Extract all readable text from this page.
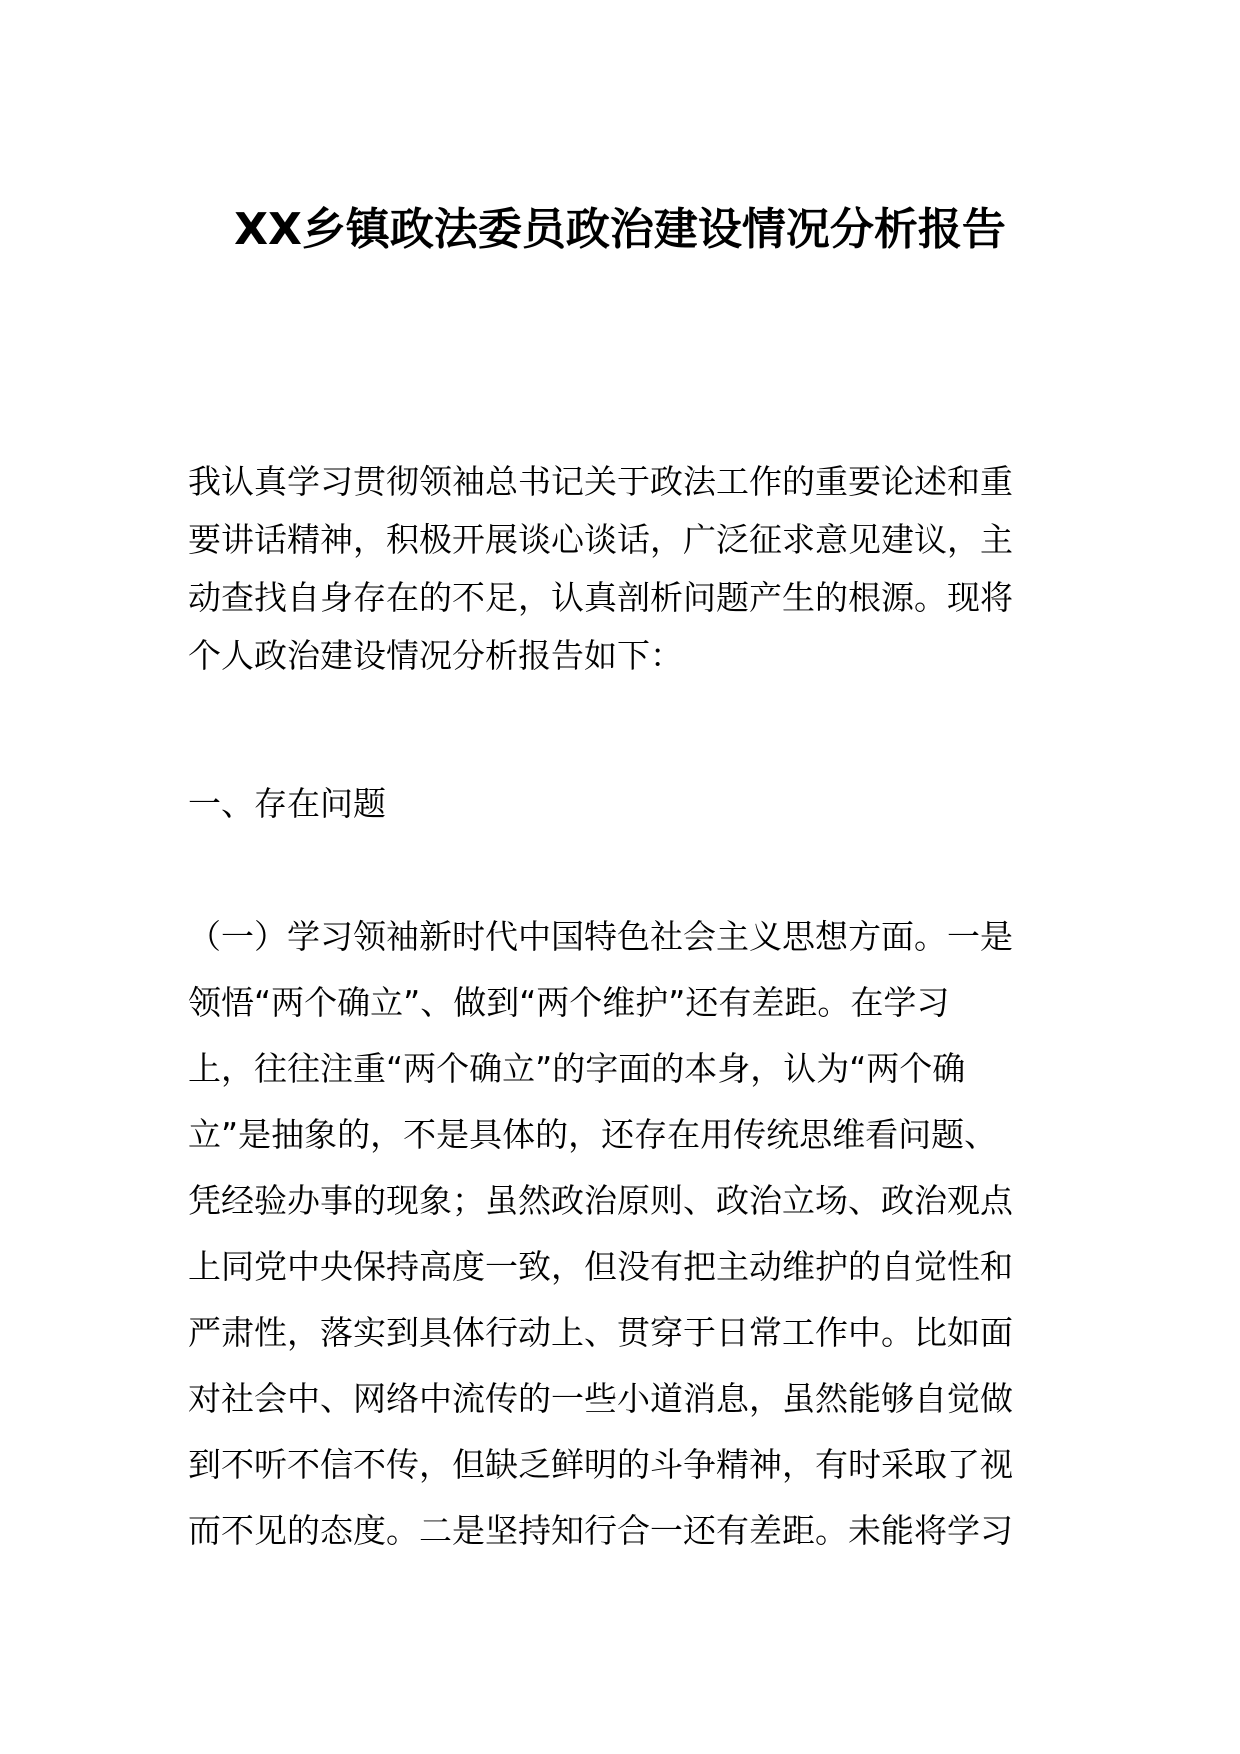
XX乡镇政法委员政治建设情况分析报告

我认真学习贯彻领袖总书记关于政法工作的重要论述和重

要讲话精神，积极开展谈心谈话，广泛征求意见建议，主

动查找自身存在的不足，认真剖析问题产生的根源。现将

个人政治建设情况分析报告如下：

一、存在问题

（一）学习领袖新时代中国特色社会主义思想方面。一是

领悟“两个确立”、做到“两个维护”还有差距。在学习

上，往往注重“两个确立”的字面的本身，认为“两个确

立”是抽象的，不是具体的，还存在用传统思维看问题、

凭经验办事的现象；虽然政治原则、政治立场、政治观点

上同党中央保持高度一致，但没有把主动维护的自觉性和

严肃性，落实到具体行动上、贯穿于日常工作中。比如面

对社会中、网络中流传的一些小道消息，虽然能够自觉做

到不听不信不传，但缺乏鲜明的斗争精神，有时采取了视

而不见的态度。二是坚持知行合一还有差距。未能将学习
